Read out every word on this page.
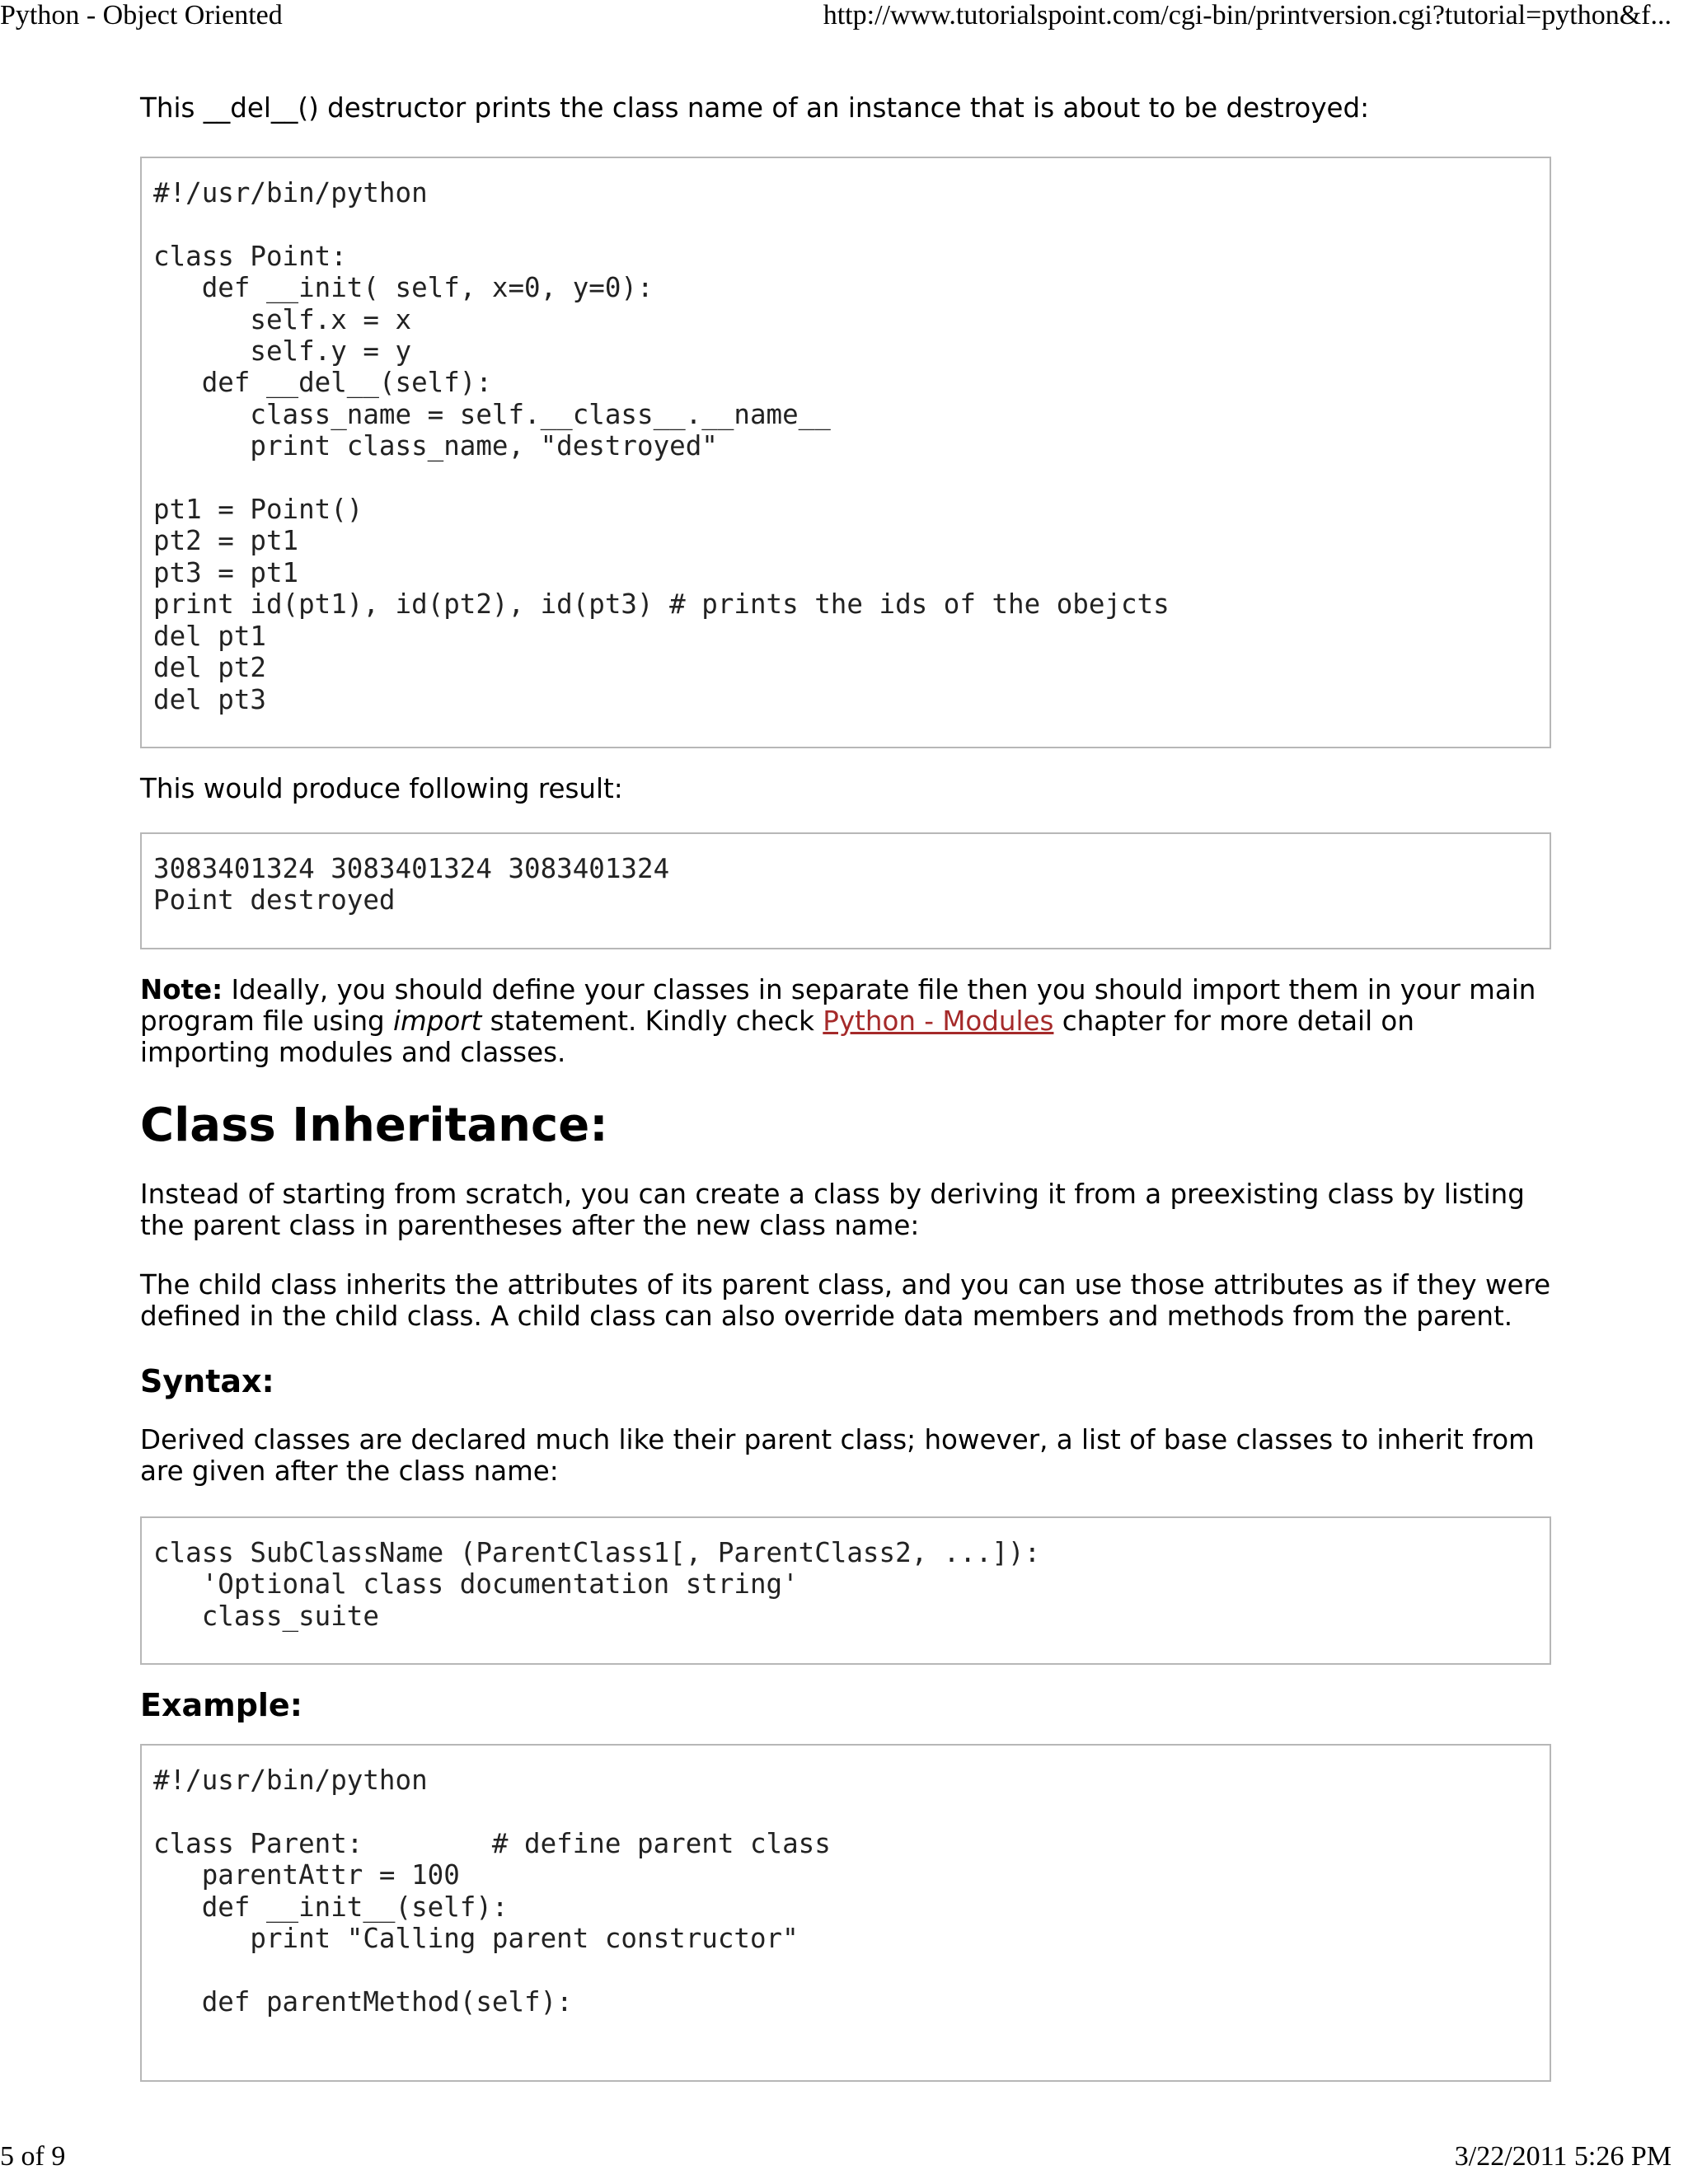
Python - Object Oriented	http://www.tutorialspoint.com/cgi-bin/printversion.cgi?tutorial=python&f...

This __del__() destructor prints the class name of an instance that is about to be destroyed:

#!/usr/bin/python

class Point:
def __init( self, x=0, y=0):
self.x = x
self.y = y
def __del__(self):
class_name = self.__class__.__name__
print class_name, "destroyed"

pt1 = Point()
pt2 = pt1
pt3 = pt1
print id(pt1), id(pt2), id(pt3) # prints the ids of the obejcts
del pt1
del pt2
del pt3

This would produce following result:

3083401324 3083401324 3083401324
Point destroyed

Note: Ideally, you should define your classes in separate file then you should import them in your main program file using import statement. Kindly check Python - Modules chapter for more detail on importing modules and classes.

Class Inheritance:

Instead of starting from scratch, you can create a class by deriving it from a preexisting class by listing the parent class in parentheses after the new class name:

The child class inherits the attributes of its parent class, and you can use those attributes as if they were defined in the child class. A child class can also override data members and methods from the parent.

Syntax:

Derived classes are declared much like their parent class; however, a list of base classes to inherit from are given after the class name:

class SubClassName (ParentClass1[, ParentClass2, ...]):
'Optional class documentation string'
class_suite
Example:
#!/usr/bin/python

class Parent:        # define parent class
parentAttr = 100
def __init__(self):
print "Calling parent constructor"

def parentMethod(self):
5 of 9	3/22/2011 5:26 PM
